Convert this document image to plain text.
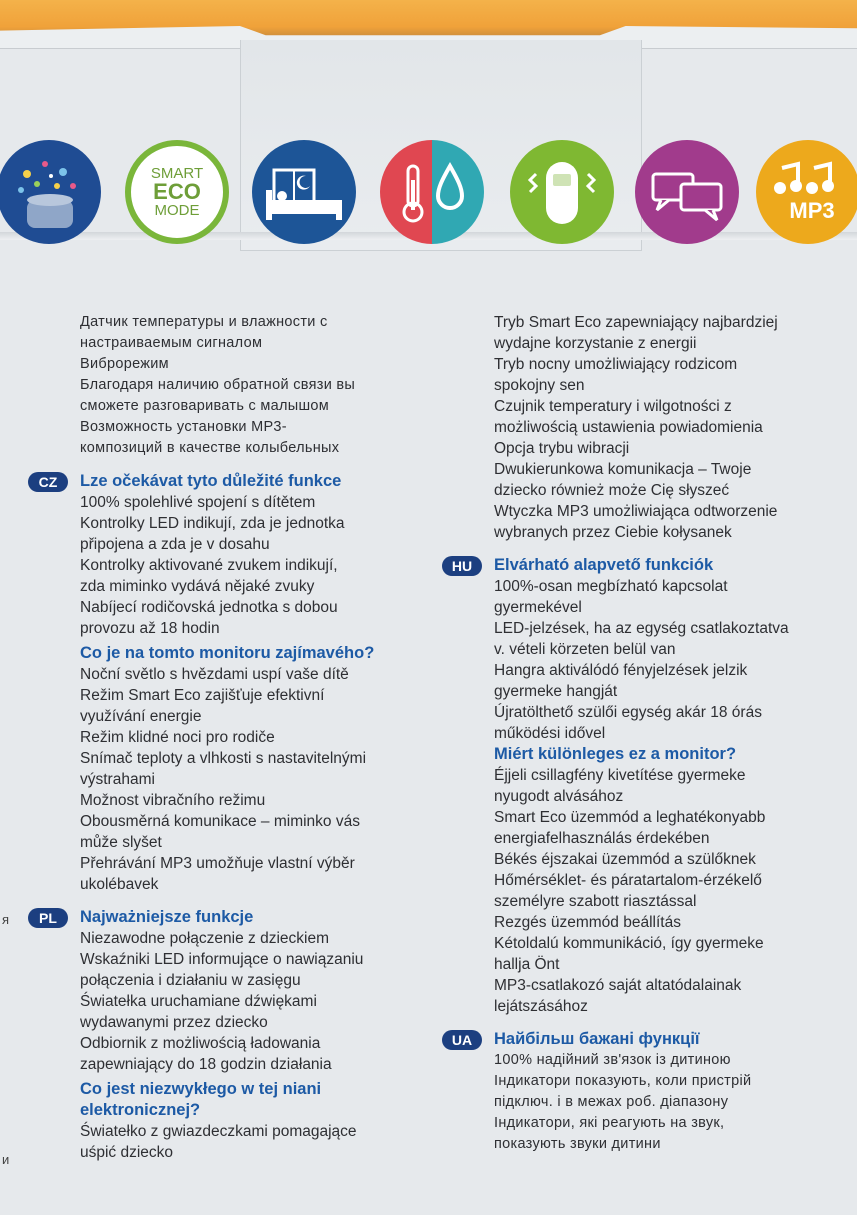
SMART
ECO
MODE	MP3
Датчик температуры и влажности с
настраиваемым сигналом
Виброрежим
Благодаря наличию обратной связи вы
сможете разговаривать с малышом
Возможность установки MP3-
композиций в качестве колыбельных
CZ	Lze očekávat tyto důležité funkce
100% spolehlivé spojení s dítětem
Kontrolky LED indikují, zda je jednotka
připojena a zda je v dosahu
Kontrolky aktivované zvukem indikují,
zda miminko vydává nějaké zvuky
Nabíjecí rodičovská jednotka s dobou
provozu až 18 hodin
Co je na tomto monitoru zajímavého?
Noční světlo s hvězdami uspí vaše dítě
Režim Smart Eco zajišťuje efektivní
využívání energie
Režim klidné noci pro rodiče
Snímač teploty a vlhkosti s nastavitelnými
výstrahami
Možnost vibračního režimu
Obousměrná komunikace – miminko vás
může slyšet
Přehrávání MP3 umožňuje vlastní výběr
ukolébavek
PL	Najważniejsze funkcje
Niezawodne połączenie z dzieckiem
Wskaźniki LED informujące o nawiązaniu
połączenia i działaniu w zasięgu
Światełka uruchamiane dźwiękami
wydawanymi przez dziecko
Odbiornik z możliwością ładowania
zapewniający do 18 godzin działania
Co jest niezwykłego w tej niani
elektronicznej?
Światełko z gwiazdeczkami pomagające
uśpić dziecko
Tryb Smart Eco zapewniający najbardziej
wydajne korzystanie z energii
Tryb nocny umożliwiający rodzicom
spokojny sen
Czujnik temperatury i wilgotności z
możliwością ustawienia powiadomienia
Opcja trybu wibracji
Dwukierunkowa komunikacja – Twoje
dziecko również może Cię słyszeć
Wtyczka MP3 umożliwiająca odtworzenie
wybranych przez Ciebie kołysanek
HU	Elvárható alapvető funkciók
100%-osan megbízható kapcsolat
gyermekével
LED-jelzések, ha az egység csatlakoztatva
v. vételi körzeten belül van
Hangra aktiválódó fényjelzések jelzik
gyermeke hangját
Újratölthető szülői egység akár 18 órás
működési idővel
Miért különleges ez a monitor?
Éjjeli csillagfény kivetítése gyermeke
nyugodt alvásához
Smart Eco üzemmód a leghatékonyabb
energiafelhasználás érdekében
Békés éjszakai üzemmód a szülőknek
Hőmérséklet- és páratartalom-érzékelő
személyre szabott riasztással
Rezgés üzemmód beállítás
Kétoldalú kommunikáció, így gyermeke
hallja Önt
MP3-csatlakozó saját altatódalainak
lejátszásához
UA	Найбільш бажані функції
100% надійний зв'язок із дитиною
Індикатори показують, коли пристрій
підключ. і в межах роб. діапазону
Індикатори, які реагують на звук,
показують звуки дитини
я
и
